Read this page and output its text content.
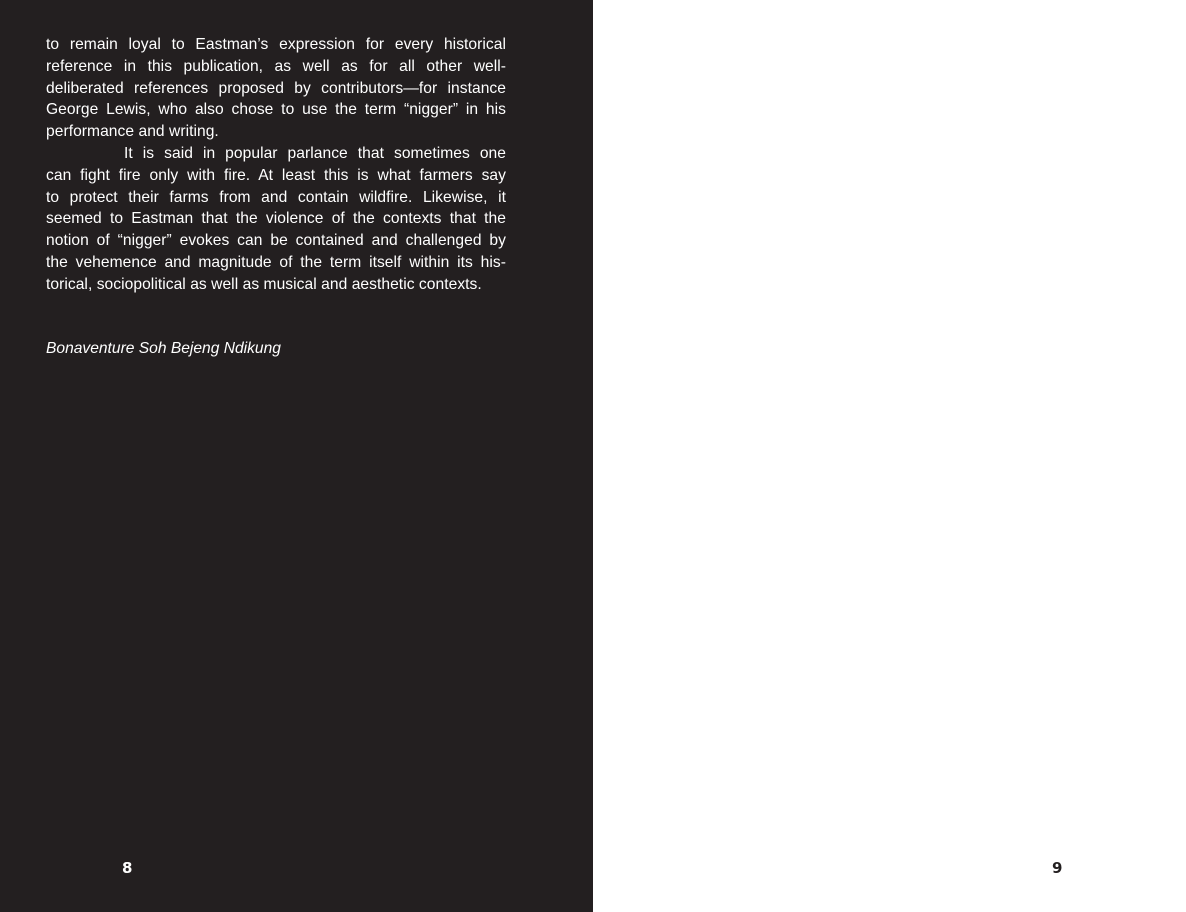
to remain loyal to Eastman’s expression for every historical
reference in this publication, as well as for all other well-
deliberated references proposed by contributors—for instance
George Lewis, who also chose to use the term “nigger” in his
performance and writing.
It is said in popular parlance that sometimes one
can fight fire only with fire. At least this is what farmers say
to protect their farms from and contain wildfire. Likewise, it
seemed to Eastman that the violence of the contexts that the
notion of “nigger” evokes can be contained and challenged by
the vehemence and magnitude of the term itself within its his-
torical, sociopolitical as well as musical and aesthetic contexts.

Bonaventure Soh Bejeng Ndikung

8	9
